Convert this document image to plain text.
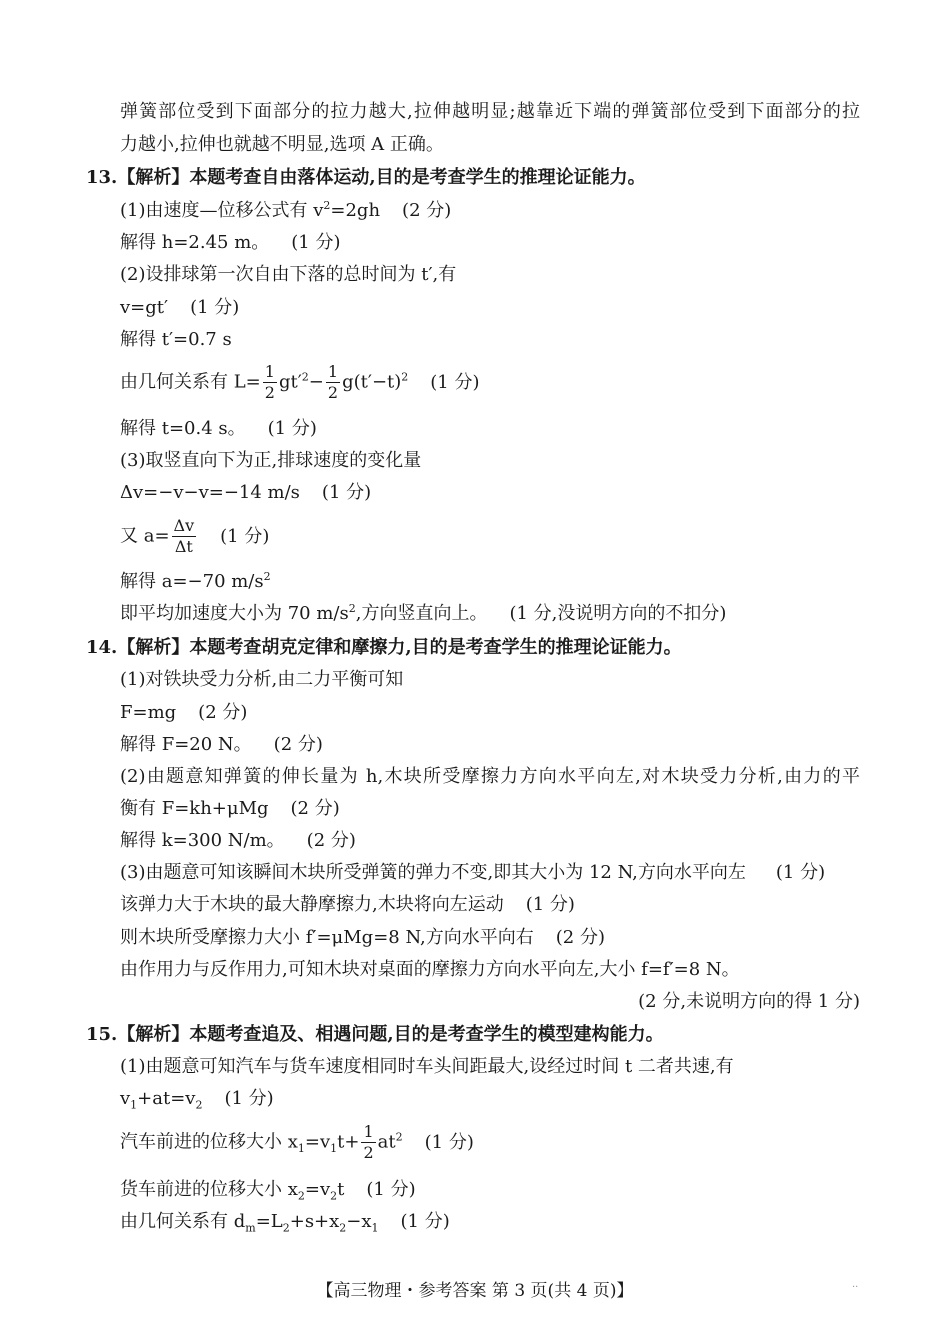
弹簧部位受到下面部分的拉力越大,拉伸越明显;越靠近下端的弹簧部位受到下面部分的拉
力越小,拉伸也就越不明显,选项 A 正确。
13.【解析】本题考查自由落体运动,目的是考查学生的推理论证能力。
(1)由速度—位移公式有 $v^2=2gh$ (2 分)
解得 h=2.45 m。 (1 分)
(2)设排球第一次自由下落的总时间为 t′,有
v=gt′ (1 分)
解得 t′=0.7 s
由几何关系有 $L= \frac{1}{2} gt'^2- \frac{1}{2} g(t'-t)^2$ (1 分)
解得 t=0.4 s。 (1 分)
(3)取竖直向下为正,排球速度的变化量
Δv=−v−v=−14 m/s (1 分)
又 $a= \frac{\Delta v}{\Delta t} (1$ 分)
解得 a=−70 $m/s^2$
即平均加速度大小为 70 $m/s^2$,方向竖直向上。 (1 分,没说明方向的不扣分)
14.【解析】本题考查胡克定律和摩擦力,目的是考查学生的推理论证能力。
(1)对铁块受力分析,由二力平衡可知
F=mg (2 分)
解得 F=20 N。 (2 分)
(2)由题意知弹簧的伸长量为 h,木块所受摩擦力方向水平向左,对木块受力分析,由力的平
衡有 F=kh+μMg (2 分)
解得 k=300 N/m。 (2 分)
(3)由题意可知该瞬间木块所受弹簧的弹力不变,即其大小为 12 N,方向水平向左 (1 分)
该弹力大于木块的最大静摩擦力,木块将向左运动 (1 分)
则木块所受摩擦力大小 f′=μMg=8 N,方向水平向右 (2 分)
由作用力与反作用力,可知木块对桌面的摩擦力方向水平向左,大小 f=f′=8 N。
(2 分,未说明方向的得 1 分)
15.【解析】本题考查追及、相遇问题,目的是考查学生的模型建构能力。
(1)由题意可知汽车与货车速度相同时车头间距最大,设经过时间 t 二者共速,有
$v_1+at=v_2$ (1 分)
汽车前进的位移大小 $x_1=v_1t+ \frac{1}{2} at^2$ (1 分)
货车前进的位移大小 $x_2=v_2t$ (1 分)
由几何关系有 $d_m=L_2+s+x_2-x_1$ (1 分)
【高三物理・参考答案 第 3 页(共 4 页)】	··
